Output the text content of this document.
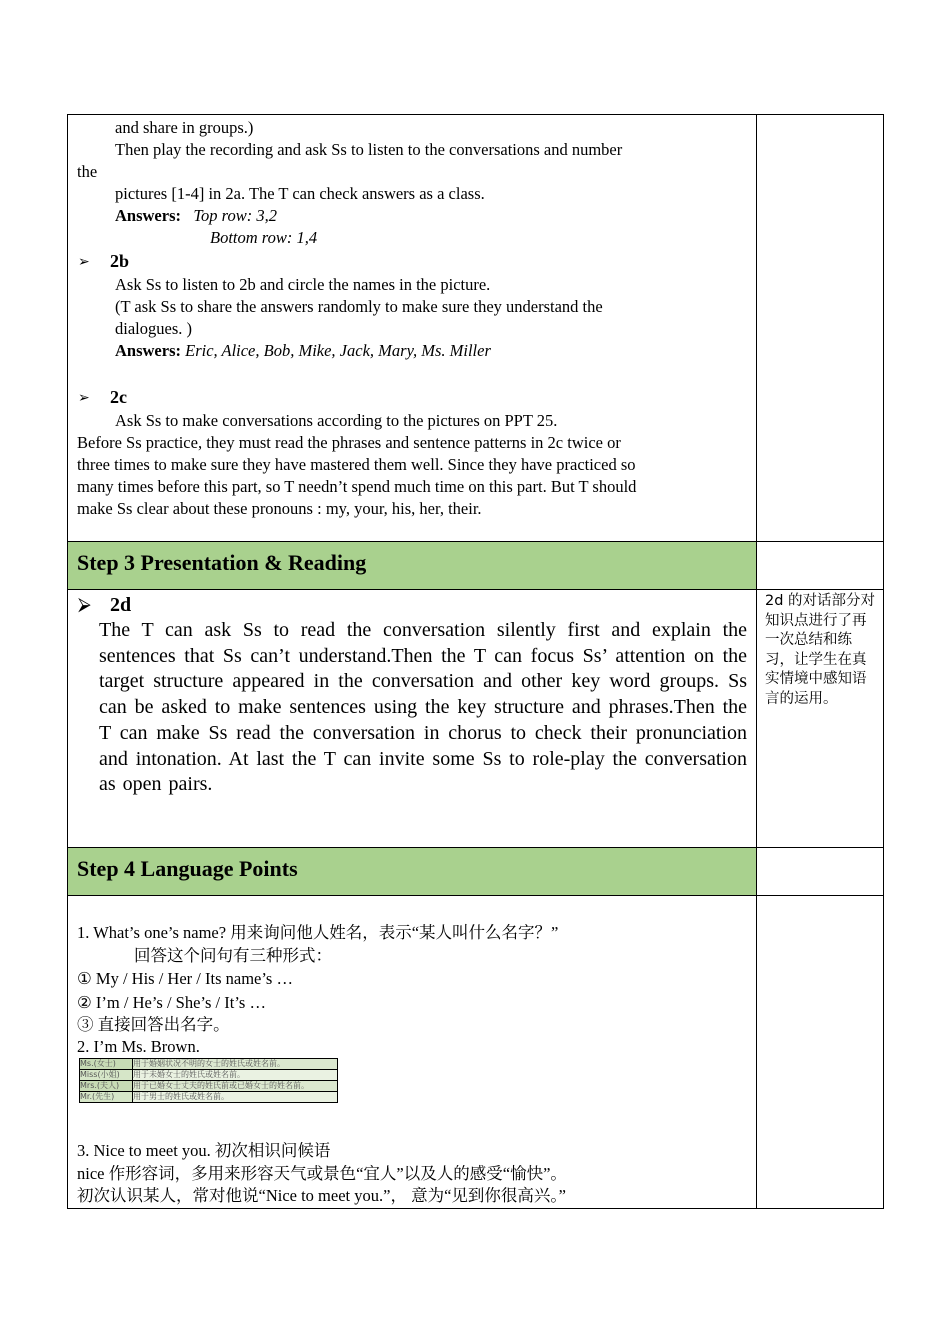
and share in groups.)
Then play the recording and ask Ss to listen to the conversations and number
the
pictures [1-4] in 2a. The T can check answers as a class.
Answers: Top row: 3,2
Bottom row: 1,4
➢ 2b
Ask Ss to listen to 2b and circle the names in the picture.
(T ask Ss to share the answers randomly to make sure they understand the
dialogues. )
Answers: Eric, Alice, Bob, Mike, Jack, Mary, Ms. Miller
➢ 2c
Ask Ss to make conversations according to the pictures on PPT 25.
Before Ss practice, they must read the phrases and sentence patterns in 2c twice or
three times to make sure they have mastered them well. Since they have practiced so
many times before this part, so T needn’t spend much time on this part. But T should
make Ss clear about these pronouns : my, your, his, her, their.

Step 3 Presentation & Reading

⮚ 2d
The T can ask Ss to read the conversation silently first and explain the sentences that Ss can’t understand.Then the T can focus Ss’ attention on the target structure appeared in the conversation and other key word groups. Ss can be asked to make sentences using the key structure and phrases.Then the T can make Ss read the conversation in chorus to check their pronunciation and intonation. At last the T can invite some Ss to role-play the conversation as open pairs.

2d 的对话部分对知识点进行了再一次总结和练习，让学生在真实情境中感知语言的运用。

Step 4 Language Points

1. What’s one’s name? 用来询问他人姓名，表示“某人叫什么名字？”
回答这个问句有三种形式：
① My / His / Her / Its name’s …
② I’m / He’s / She’s / It’s …
③ 直接回答出名字。
2. I’m Ms. Brown.
Ms.(女士)	用于婚姻状况不明的女士的姓氏或姓名前。
Miss(小姐)	用于未婚女士的姓氏或姓名前。
Mrs.(夫人)	用于已婚女士丈夫的姓氏前或已婚女士的姓名前。
Mr.(先生)	用于男士的姓氏或姓名前。
3. Nice to meet you. 初次相识问候语
nice 作形容词，多用来形容天气或景色“宜人”以及人的感受“愉快”。
初次认识某人，常对他说“Nice to meet you.”， 意为“见到你很高兴。”
